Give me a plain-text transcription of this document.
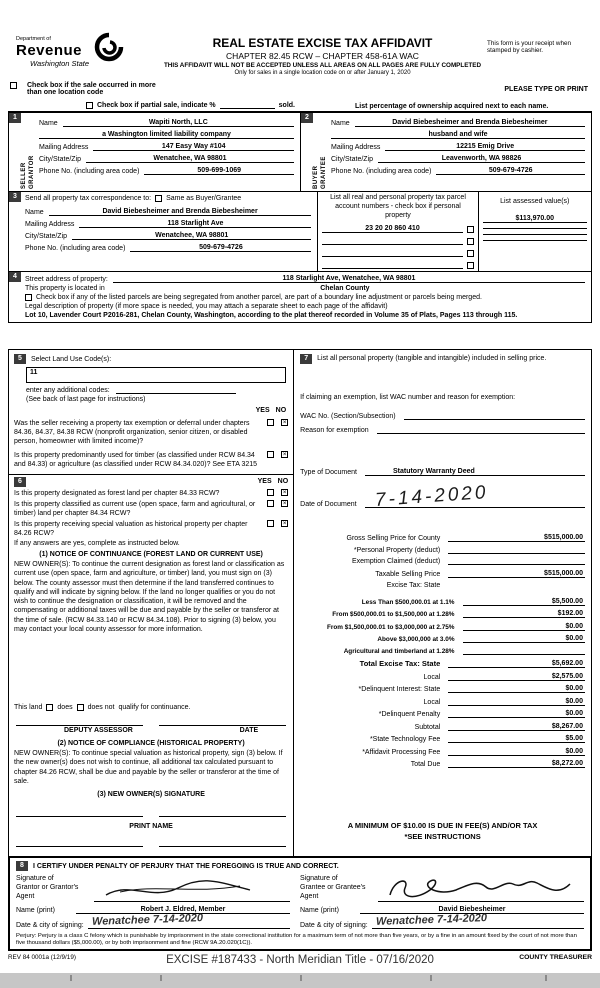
Department of
Revenue
Washington State
REAL ESTATE EXCISE TAX AFFIDAVIT
CHAPTER 82.45 RCW – CHAPTER 458-61A WAC
THIS AFFIDAVIT WILL NOT BE ACCEPTED UNLESS ALL AREAS ON ALL PAGES ARE FULLY COMPLETED
Only for sales in a single location code on or after January 1, 2020
This form is your receipt when stamped by cashier.
Check box if the sale occurred in more than one location code	PLEASE TYPE OR PRINT
Check box if partial sale, indicate %	sold.	List percentage of ownership acquired next to each name.
1
SELLER GRANTOR
Name	Wapiti North, LLC
a Washington limited liability company
Mailing Address	147 Easy Way #104
City/State/Zip	Wenatchee, WA 98801
Phone No. (including area code)	509-699-1069
2
BUYER GRANTEE
Name	David Biebesheimer and Brenda Biebesheimer
husband and wife
Mailing Address	12215 Emig Drive
City/State/Zip	Leavenworth, WA 98826
Phone No. (including area code)	509-679-4726
3	Send all property tax correspondence to: Same as Buyer/Grantee
Name	David Biebesheimer and Brenda Biebesheimer
Mailing Address	118 Starlight Ave
City/State/Zip	Wenatchee, WA 98801
Phone No. (including area code)	509-679-4726
List all real and personal property tax parcel account numbers - check box if personal property
23 20 20 860 410
List assessed value(s)
$113,970.00
4	Street address of property:	118 Starlight Ave, Wenatchee, WA 98801
This property is located in	Chelan County
Check box if any of the listed parcels are being segregated from another parcel, are part of a boundary line adjustment or parcels being merged.
Legal description of property (if more space is needed, you may attach a separate sheet to each page of the affidavit)
Lot 10, Lavender Court P2016-281, Chelan County, Washington, according to the plat thereof recorded in Volume 35 of Plats, Pages 113 through 115.
5	Select Land Use Code(s):
11
enter any additional codes:
(See back of last page for instructions)
YES NO
Was the seller receiving a property tax exemption or deferral under chapters 84.36, 84.37, 84.38 RCW (nonprofit organization, senior citizen, or disabled person, homeowner with limited income)?
×
Is this property predominantly used for timber (as classified under RCW 84.34 and 84.33) or agriculture (as classified under RCW 84.34.020)? See ETA 3215
×
6	YES NO
Is this property designated as forest land per chapter 84.33 RCW?	×
Is this property classified as current use (open space, farm and agricultural, or timber) land per chapter 84.34 RCW?
×
Is this property receiving special valuation as historical property per chapter 84.26 RCW?
×
If any answers are yes, complete as instructed below.
(1) NOTICE OF CONTINUANCE (FOREST LAND OR CURRENT USE)
NEW OWNER(S): To continue the current designation as forest land or classification as current use (open space, farm and agriculture, or timber) land, you must sign on (3) below. The county assessor must then determine if the land transferred continues to qualify and will indicate by signing below. If the land no longer qualifies or you do not wish to continue the designation or classification, it will be removed and the compensating or additional taxes will be due and payable by the seller or transferor at the time of sale. (RCW 84.33.140 or RCW 84.34.108). Prior to signing (3) below, you may contact your local county assessor for more information.
This land does does not qualify for continuance.
DEPUTY ASSESSOR	DATE
(2) NOTICE OF COMPLIANCE (HISTORICAL PROPERTY)
NEW OWNER(S): To continue special valuation as historical property, sign (3) below. If the new owner(s) does not wish to continue, all additional tax calculated pursuant to chapter 84.26 RCW, shall be due and payable by the seller or transferor at the time of sale.
(3) NEW OWNER(S) SIGNATURE
PRINT NAME
7	List all personal property (tangible and intangible) included in selling price.
If claiming an exemption, list WAC number and reason for exemption:
WAC No. (Section/Subsection)
Reason for exemption
Type of Document	Statutory Warranty Deed
Date of Document 7-14-2020
Gross Selling Price for County	$515,000.00
*Personal Property (deduct)
Exemption Claimed (deduct)
Taxable Selling Price	$515,000.00
Excise Tax: State
Less Than $500,000.01 at 1.1%	$5,500.00
From $500,000.01 to $1,500,000 at 1.28%	$192.00
From $1,500,000.01 to $3,000,000 at 2.75%	$0.00
Above $3,000,000 at 3.0%	$0.00
Agricultural and timberland at 1.28%
Total Excise Tax: State	$5,692.00
Local	$2,575.00
*Delinquent Interest: State	$0.00
Local	$0.00
*Delinquent Penalty	$0.00
Subtotal	$8,267.00
*State Technology Fee	$5.00
*Affidavit Processing Fee	$0.00
Total Due	$8,272.00
A MINIMUM OF $10.00 IS DUE IN FEE(S) AND/OR TAX
*SEE INSTRUCTIONS
8	I CERTIFY UNDER PENALTY OF PERJURY THAT THE FOREGOING IS TRUE AND CORRECT.
Signature of
Grantor or Grantor's Agent
Name (print)	Robert J. Eldred, Member
Date & city of signing: Wenatchee 7-14-2020
Signature of
Grantee or Grantee's Agent
Name (print)	David Biebesheimer
Date & city of signing: Wenatchee 7-14-2020
Perjury: Perjury is a class C felony which is punishable by imprisonment in the state correctional institution for a maximum term of not more than five years, or by a fine in an amount fixed by the court of not more than five thousand dollars ($5,000.00), or by both imprisonment and fine (RCW 9A.20.020(1C)).
REV 84 0001a (12/9/19)	EXCISE #187433 - North Meridian Title - 07/16/2020	COUNTY TREASURER
